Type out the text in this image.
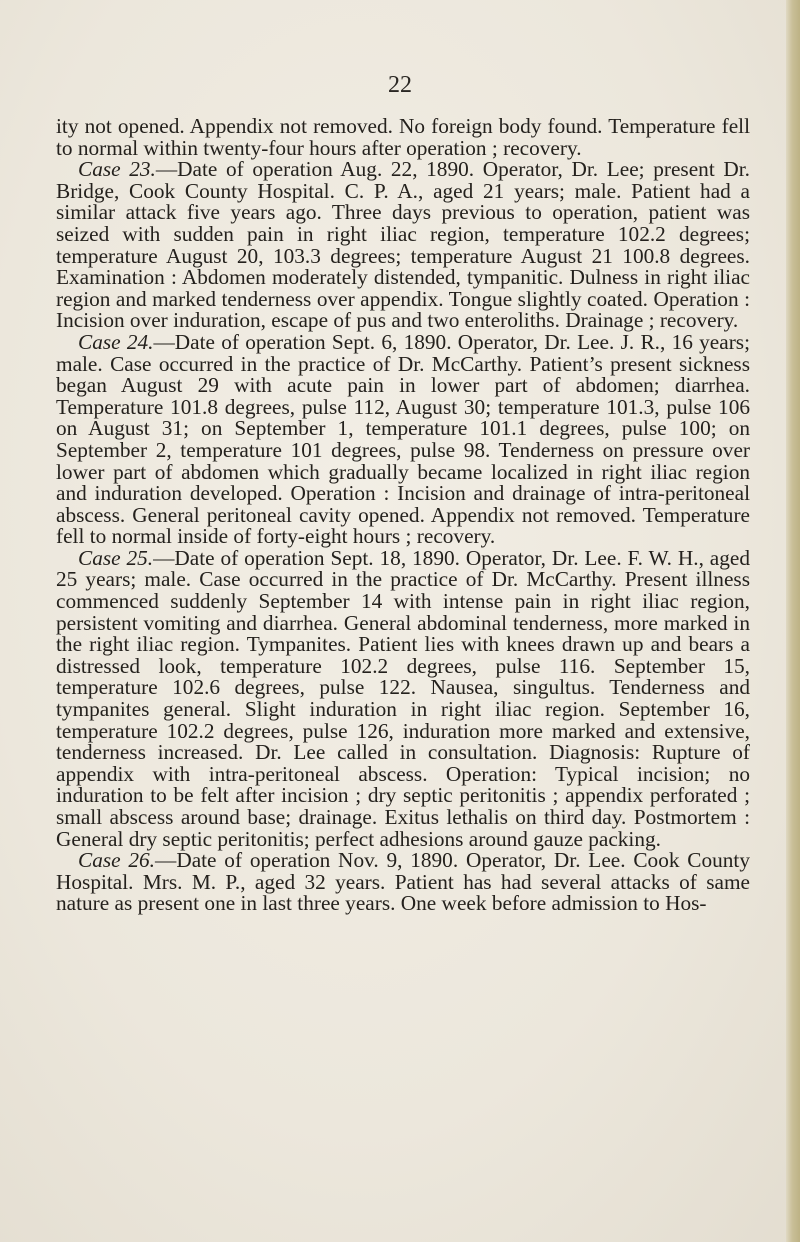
22

ity not opened. Appendix not removed. No foreign body found. Temperature fell to normal within twenty-four hours after operation ; recovery.

Case 23.—Date of operation Aug. 22, 1890. Operator, Dr. Lee; present Dr. Bridge, Cook County Hospital. C. P. A., aged 21 years; male. Patient had a similar attack five years ago. Three days previous to operation, patient was seized with sudden pain in right iliac region, temperature 102.2 degrees; temperature August 20, 103.3 degrees; temperature August 21 100.8 degrees. Examination : Abdomen moderately distended, tympanitic. Dulness in right iliac region and marked tenderness over appendix. Tongue slightly coated. Operation : Incision over induration, escape of pus and two enteroliths. Drainage ; recovery.

Case 24.—Date of operation Sept. 6, 1890. Operator, Dr. Lee. J. R., 16 years; male. Case occurred in the practice of Dr. McCarthy. Patient’s present sickness began August 29 with acute pain in lower part of abdomen; diarrhea. Temperature 101.8 degrees, pulse 112, August 30; temperature 101.3, pulse 106 on August 31; on September 1, temperature 101.1 degrees, pulse 100; on September 2, temperature 101 degrees, pulse 98. Tenderness on pressure over lower part of abdomen which gradually became localized in right iliac region and induration developed. Operation : Incision and drainage of intra-peritoneal abscess. General peritoneal cavity opened. Appendix not removed. Temperature fell to normal inside of forty-eight hours ; recovery.

Case 25.—Date of operation Sept. 18, 1890. Operator, Dr. Lee. F. W. H., aged 25 years; male. Case occurred in the practice of Dr. McCarthy. Present illness commenced suddenly September 14 with intense pain in right iliac region, persistent vomiting and diarrhea. General abdominal tenderness, more marked in the right iliac region. Tympanites. Patient lies with knees drawn up and bears a distressed look, temperature 102.2 degrees, pulse 116. September 15, temperature 102.6 degrees, pulse 122. Nausea, singultus. Tenderness and tympanites general. Slight induration in right iliac region. September 16, temperature 102.2 degrees, pulse 126, induration more marked and extensive, tenderness increased. Dr. Lee called in consultation. Diagnosis: Rupture of appendix with intra-peritoneal abscess. Operation: Typical incision; no induration to be felt after incision ; dry septic peritonitis ; appendix perforated ; small abscess around base; drainage. Exitus lethalis on third day. Postmortem : General dry septic peritonitis; perfect adhesions around gauze packing.

Case 26.—Date of operation Nov. 9, 1890. Operator, Dr. Lee. Cook County Hospital. Mrs. M. P., aged 32 years. Patient has had several attacks of same nature as present one in last three years. One week before admission to Hos-
